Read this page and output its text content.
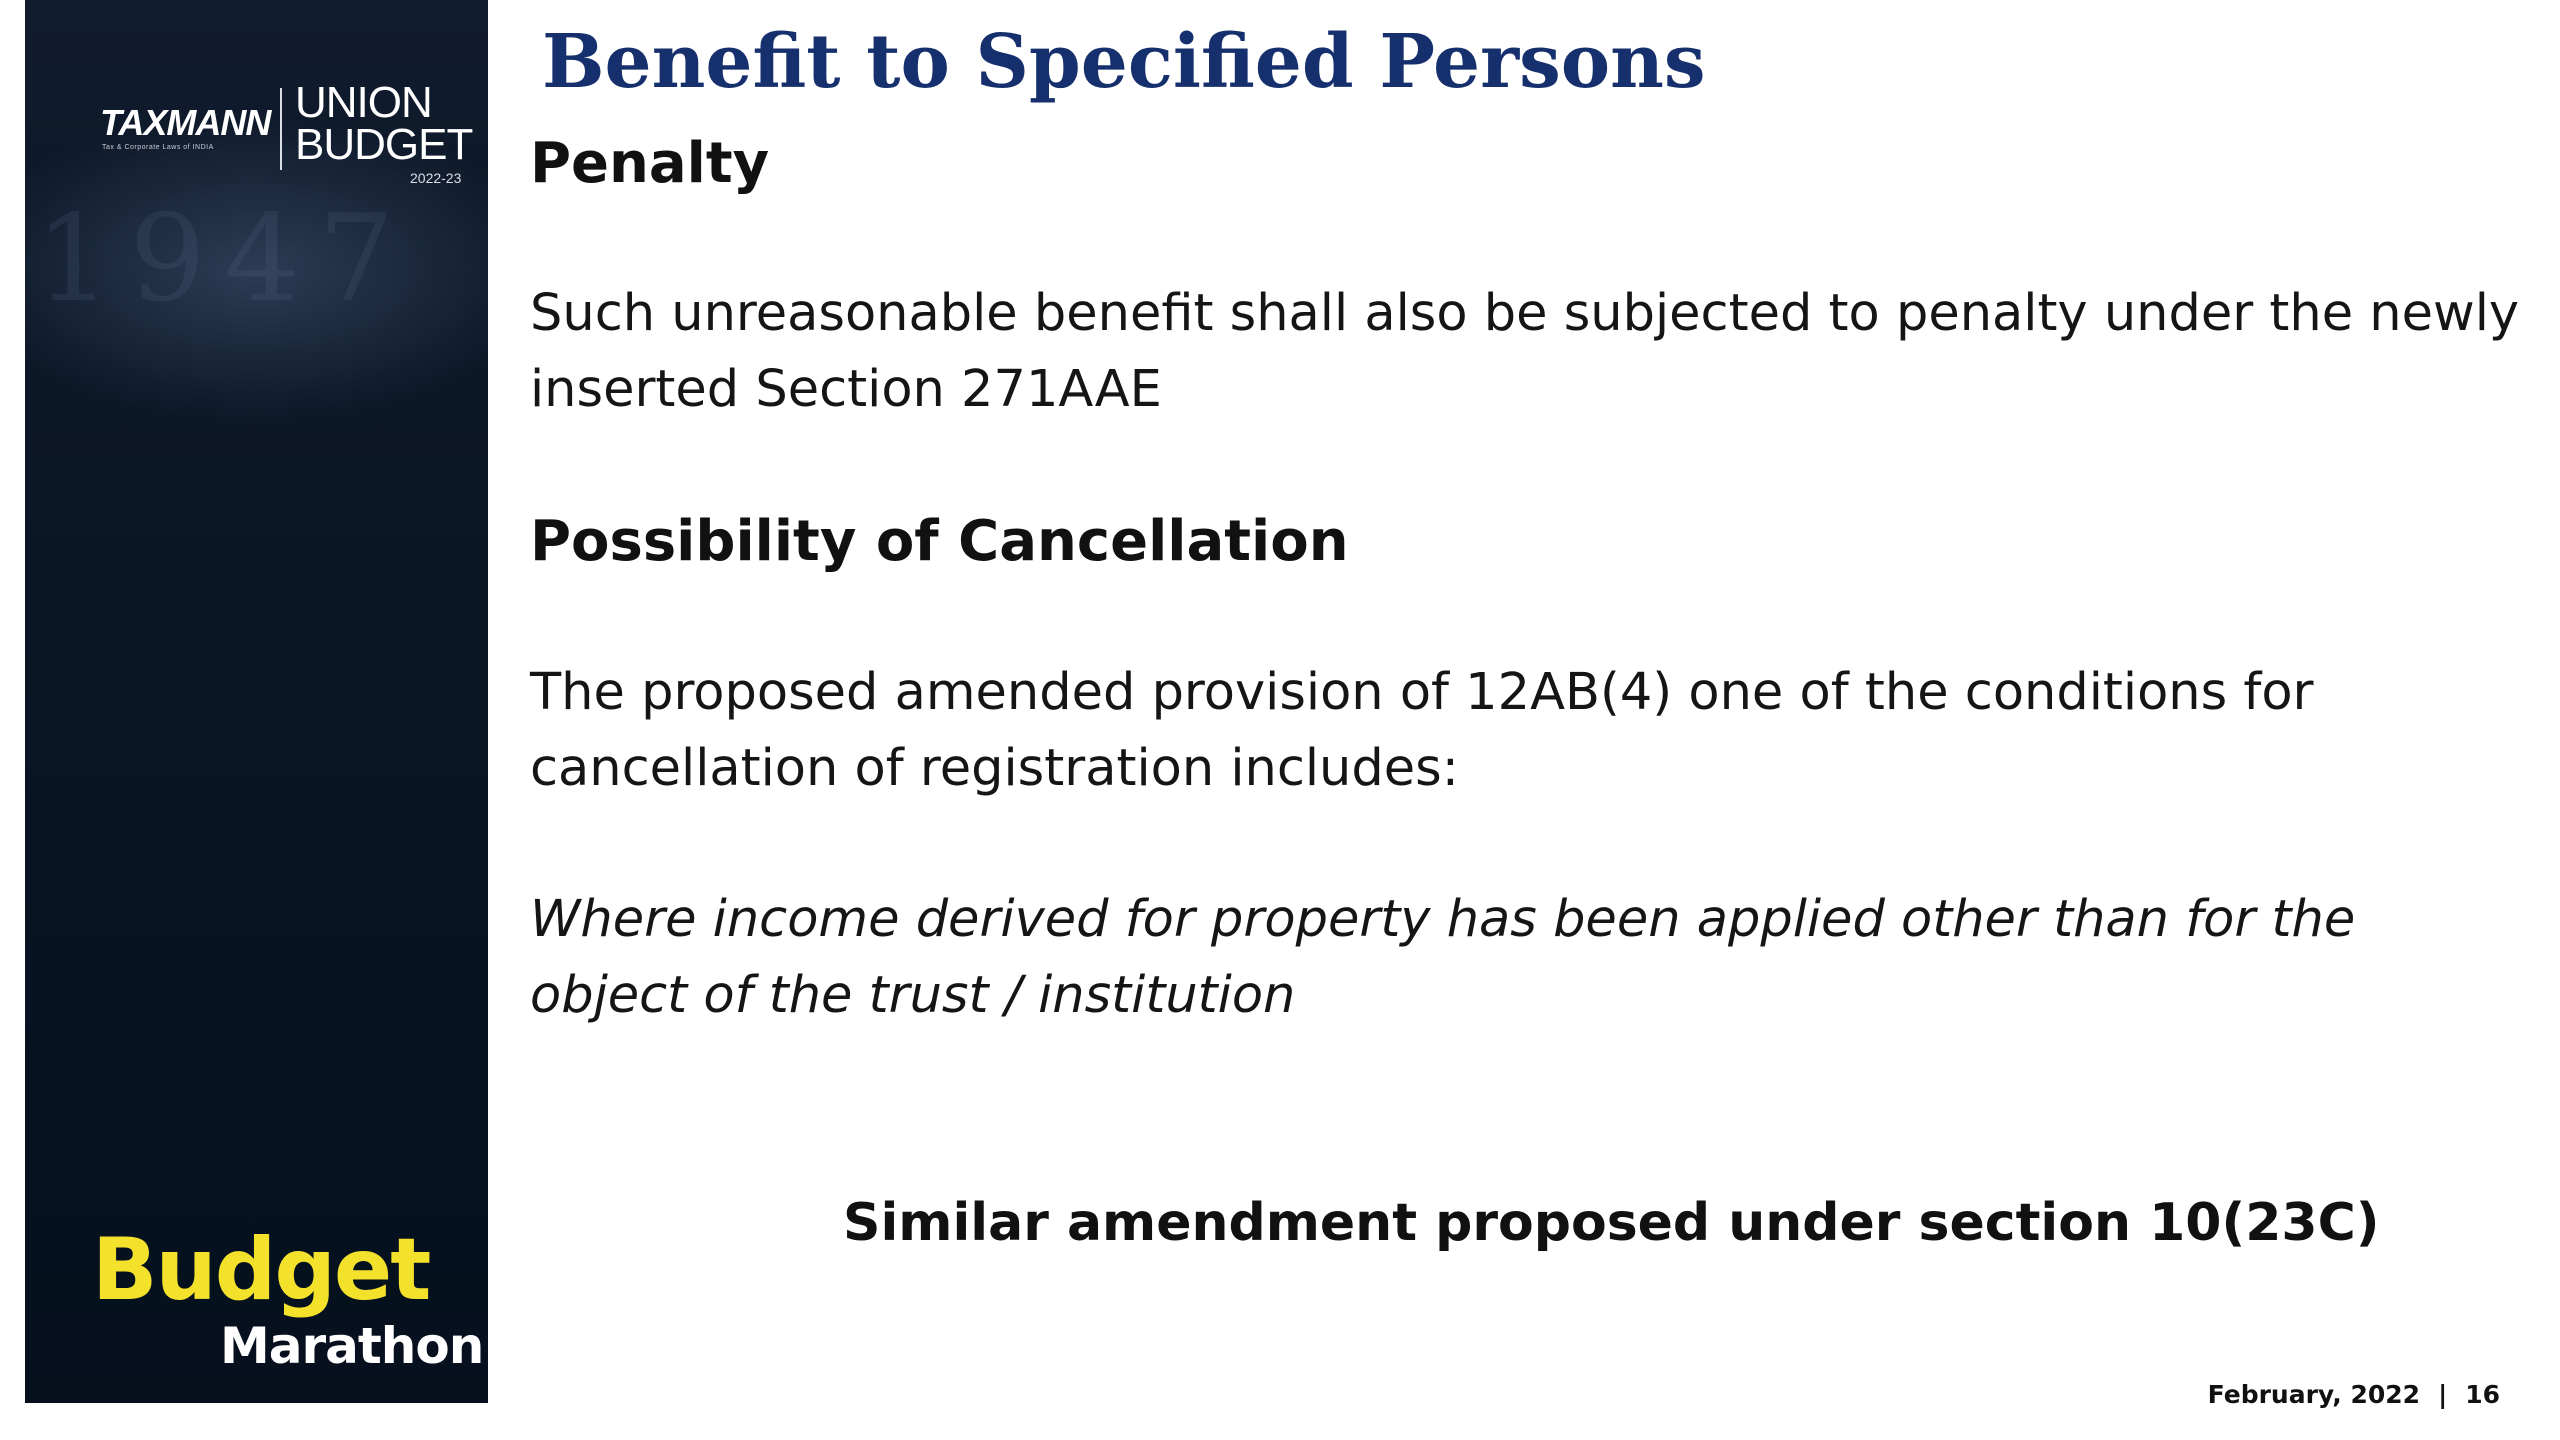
1947
TAXMANN
Tax & Corporate Laws of INDIA
UNION
BUDGET
2022-23
Budget
Marathon
Benefit to Specified Persons
Penalty
Such unreasonable benefit shall also be subjected to penalty under the newly inserted Section 271AAE
Possibility of Cancellation
The proposed amended provision of 12AB(4) one of the conditions for cancellation of registration includes:
Where income derived for property has been applied other than for the object of the trust / institution
Similar amendment proposed under section 10(23C)
February, 2022 | 16
